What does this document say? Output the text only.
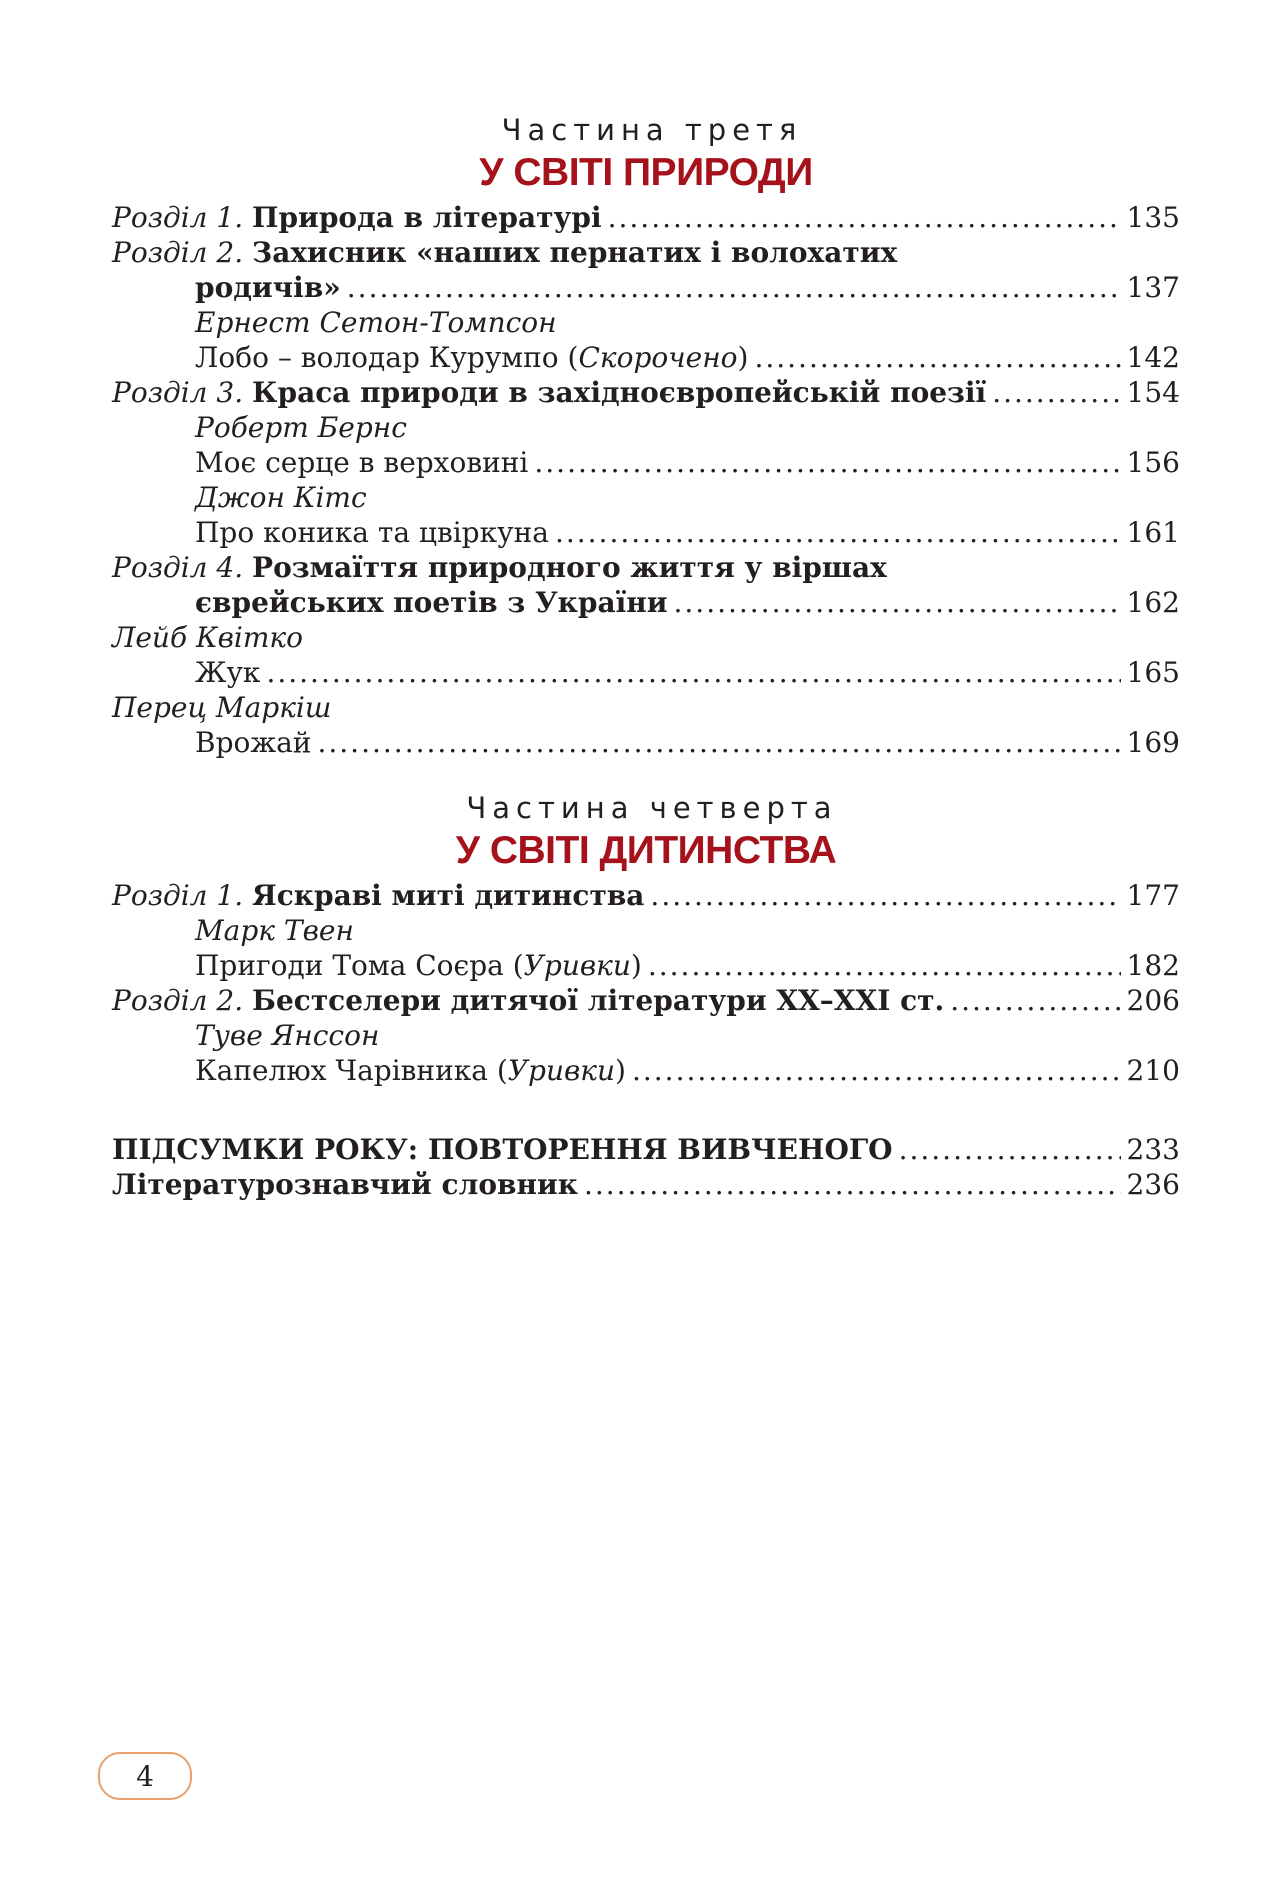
Частина третя
У СВІТІ ПРИРОДИ
Розділ 1. Природа в літературі .....	135
Розділ 2. Захисник «наших пернатих і волохатих
родичів» .....	137
Ернест Сетон-Томпсон
Лобо – володар Курумпо (Скорочено) .....	142
Розділ 3. Краса природи в західноєвропейській поезії .....	154
Роберт Бернс
Моє серце в верховині .....	156
Джон Кітс
Про коника та цвіркуна .....	161
Розділ 4. Розмаїття природного життя у віршах
єврейських поетів з України .....	162
Лейб Квітко
Жук .....	165
Перец Маркіш
Врожай .....	169
Частина четверта
У СВІТІ ДИТИНСТВА
Розділ 1. Яскраві миті дитинства .....	177
Марк Твен
Пригоди Тома Соєра (Уривки) .....	182
Розділ 2. Бестселери дитячої літератури XX–XXI ст. .....	206
Туве Янссон
Капелюх Чарівника (Уривки) .....	210
ПІДСУМКИ РОКУ: ПОВТОРЕННЯ ВИВЧЕНОГО .....	233
Літературознавчий словник .....	236
4
